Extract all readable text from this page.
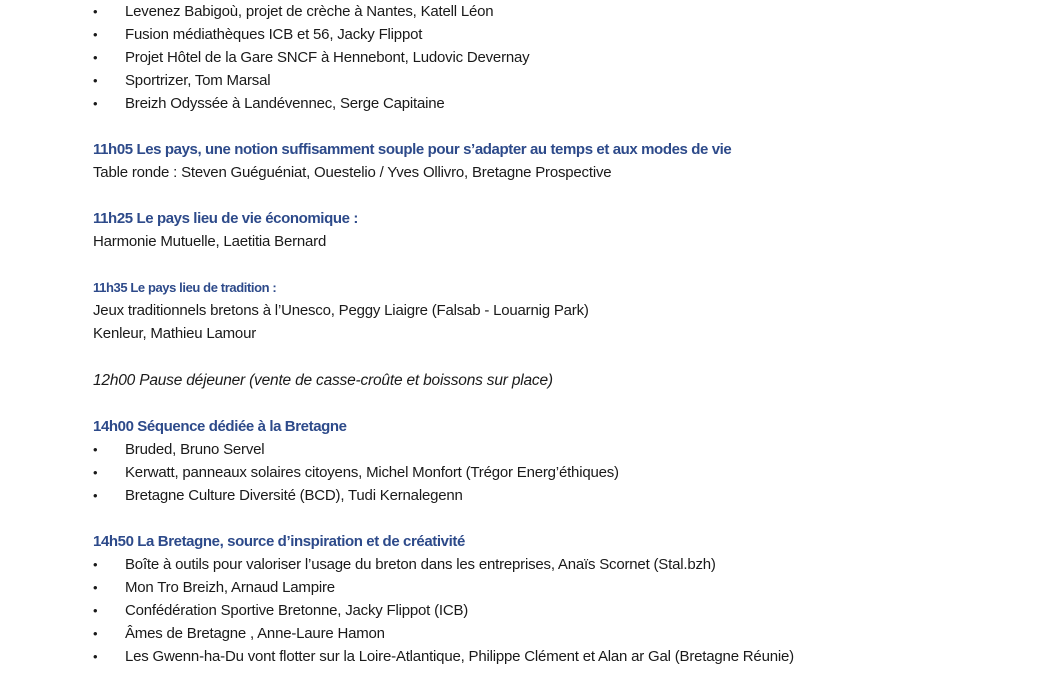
•	Levenez Babigoù, projet de crèche à Nantes, Katell Léon
•	Fusion médiathèques ICB et 56, Jacky Flippot
•	Projet Hôtel de la Gare SNCF à Hennebont, Ludovic Devernay
•	Sportrizer, Tom Marsal
•	Breizh Odyssée à Landévennec, Serge Capitaine
11h05 Les pays, une notion suffisamment souple pour s’adapter au temps et aux modes de vie
Table ronde : Steven Guéguéniat, Ouestelio / Yves Ollivro, Bretagne Prospective
11h25 Le pays lieu de vie économique :
Harmonie Mutuelle, Laetitia Bernard
11h35 Le pays lieu de tradition :
Jeux traditionnels bretons à l’Unesco, Peggy Liaigre (Falsab - Louarnig Park)
Kenleur, Mathieu Lamour
12h00 Pause déjeuner (vente de casse-croûte et boissons sur place)
14h00 Séquence dédiée à la Bretagne
•	Bruded, Bruno Servel
•	Kerwatt, panneaux solaires citoyens, Michel Monfort (Trégor Energ’éthiques)
•	Bretagne Culture Diversité (BCD), Tudi Kernalegenn
14h50 La Bretagne, source d’inspiration et de créativité
•	Boîte à outils pour valoriser l’usage du breton dans les entreprises, Anaïs Scornet (Stal.bzh)
•	Mon Tro Breizh, Arnaud Lampire
•	Confédération Sportive Bretonne, Jacky Flippot (ICB)
•	Âmes de Bretagne , Anne-Laure Hamon
•	Les Gwenn-ha-Du vont flotter sur la Loire-Atlantique, Philippe Clément et Alan ar Gal (Bretagne Réunie)
